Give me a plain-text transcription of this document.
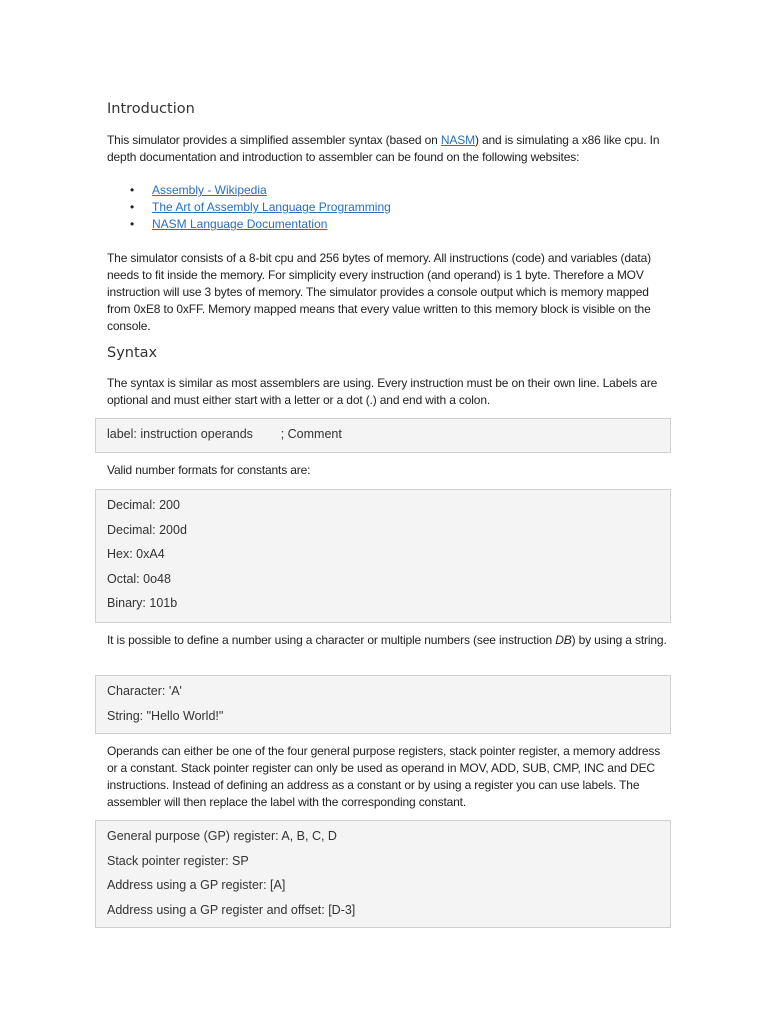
Introduction

This simulator provides a simplified assembler syntax (based on NASM) and is simulating a x86 like cpu. In depth documentation and introduction to assembler can be found on the following websites:

• Assembly - Wikipedia
• The Art of Assembly Language Programming
• NASM Language Documentation

The simulator consists of a 8-bit cpu and 256 bytes of memory. All instructions (code) and variables (data) needs to fit inside the memory. For simplicity every instruction (and operand) is 1 byte. Therefore a MOV instruction will use 3 bytes of memory. The simulator provides a console output which is memory mapped from 0xE8 to 0xFF. Memory mapped means that every value written to this memory block is visible on the console.

Syntax

The syntax is similar as most assemblers are using. Every instruction must be on their own line. Labels are optional and must either start with a letter or a dot (.) and end with a colon.

Valid number formats for constants are:

It is possible to define a number using a character or multiple numbers (see instruction DB) by using a string.

Operands can either be one of the four general purpose registers, stack pointer register, a memory address or a constant. Stack pointer register can only be used as operand in MOV, ADD, SUB, CMP, INC and DEC instructions. Instead of defining an address as a constant or by using a register you can use labels. The assembler will then replace the label with the corresponding constant.

label: instruction operands        ; Comment
Decimal: 200
Decimal: 200d
Hex: 0xA4
Octal: 0o48
Binary: 101b
Character: 'A'
String: "Hello World!"
General purpose (GP) register: A, B, C, D
Stack pointer register: SP
Address using a GP register: [A]
Address using a GP register and offset: [D-3]
